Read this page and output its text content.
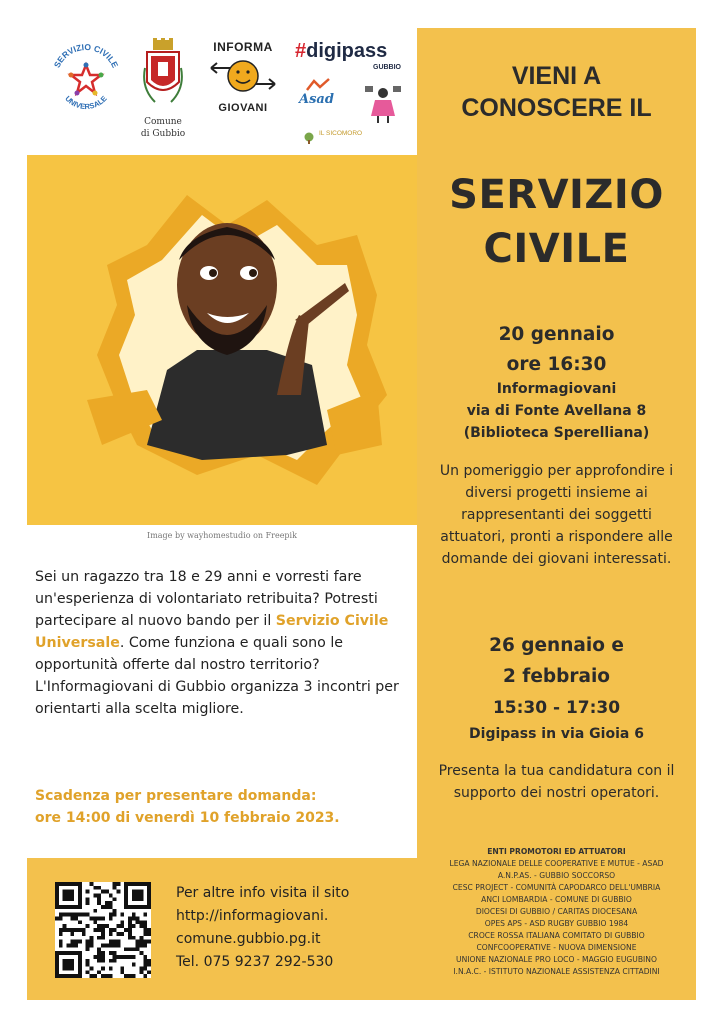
SERVIZIO CIVILE
UNIVERSALE
Comune
di Gubbio
INFORMA
GIOVANI
#digipass
GUBBIO
Asad
IL SICOMORO
Image by wayhomestudio on Freepik
Sei un ragazzo tra 18 e 29 anni e vorresti fare un'esperienza di volontariato retribuita? Potresti partecipare al nuovo bando per il Servizio Civile Universale. Come funziona e quali sono le opportunità offerte dal nostro territorio? L'Informagiovani di Gubbio organizza 3 incontri per orientarti alla scelta migliore.
Scadenza per presentare domanda:
ore 14:00 di venerdì 10 febbraio 2023.
Per altre info visita il sito
http://informagiovani.
comune.gubbio.pg.it
Tel. 075 9237 292-530
VIENI A
CONOSCERE IL
SERVIZIO
CIVILE
20 gennaio
ore 16:30
Informagiovani
via di Fonte Avellana 8
(Biblioteca Sperelliana)
Un pomeriggio per approfondire i diversi progetti insieme ai rappresentanti dei soggetti attuatori, pronti a rispondere alle domande dei giovani interessati.
26 gennaio e
2 febbraio
15:30 - 17:30
Digipass in via Gioia 6
Presenta la tua candidatura con il supporto dei nostri operatori.
ENTI PROMOTORI ED ATTUATORI
LEGA NAZIONALE DELLE COOPERATIVE E MUTUE - ASAD
A.N.P.AS. - GUBBIO SOCCORSO
CESC PROJECT - COMUNITÀ CAPODARCO DELL'UMBRIA
ANCI LOMBARDIA - COMUNE DI GUBBIO
DIOCESI DI GUBBIO / CARITAS DIOCESANA
OPES APS - ASD RUGBY GUBBIO 1984
CROCE ROSSA ITALIANA COMITATO DI GUBBIO
CONFCOOPERATIVE - NUOVA DIMENSIONE
UNIONE NAZIONALE PRO LOCO - MAGGIO EUGUBINO
I.N.A.C. - ISTITUTO NAZIONALE ASSISTENZA CITTADINI
